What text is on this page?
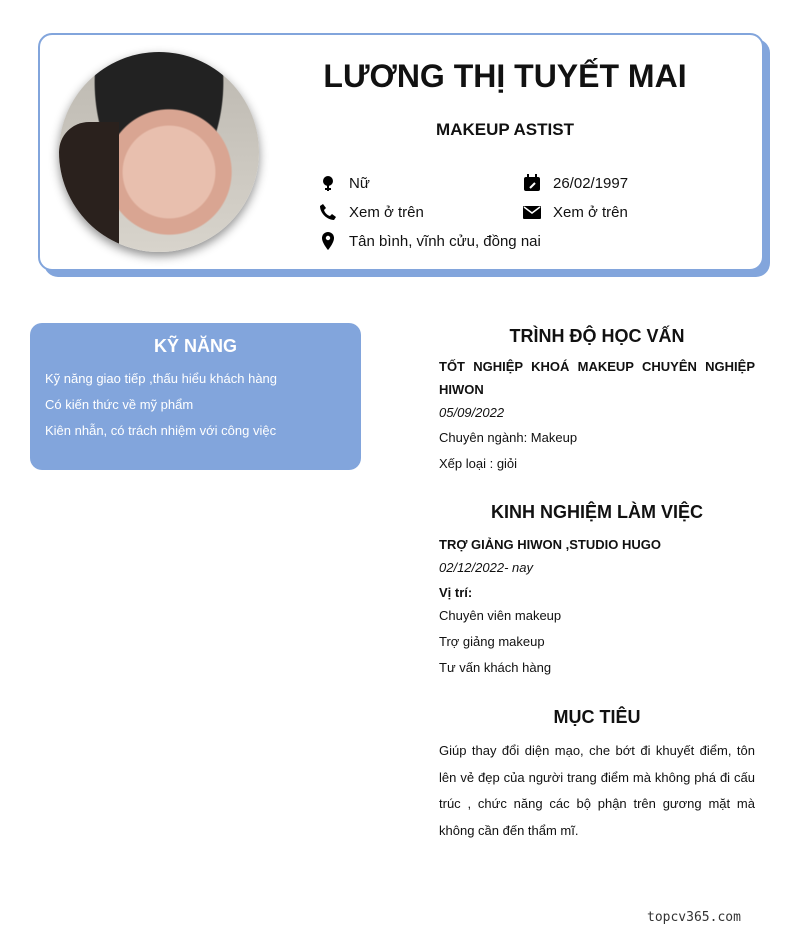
LƯƠNG THỊ TUYẾT MAI
MAKEUP ASTIST
Nữ	26/02/1997
Xem ở trên	Xem ở trên
Tân bình, vĩnh cửu, đồng nai
KỸ NĂNG
Kỹ năng giao tiếp ,thấu hiểu khách hàng
Có kiến thức về mỹ phẩm
Kiên nhẫn, có trách nhiệm với công việc
TRÌNH ĐỘ HỌC VẤN
TỐT NGHIỆP KHOÁ MAKEUP CHUYÊN NGHIỆP HIWON
05/09/2022
Chuyên ngành: Makeup
Xếp loại : giỏi
KINH NGHIỆM LÀM VIỆC
TRỢ GIẢNG HIWON ,STUDIO HUGO
02/12/2022- nay
Vị trí:
Chuyên viên makeup
Trợ giảng makeup
Tư vấn khách hàng
MỤC TIÊU
Giúp thay đổi diện mạo, che bớt đi khuyết điểm, tôn lên vẻ đẹp của người trang điểm mà không phá đi cấu trúc , chức năng các bộ phận trên gương mặt mà không cần đến thẩm mĩ.
topcv365.com
